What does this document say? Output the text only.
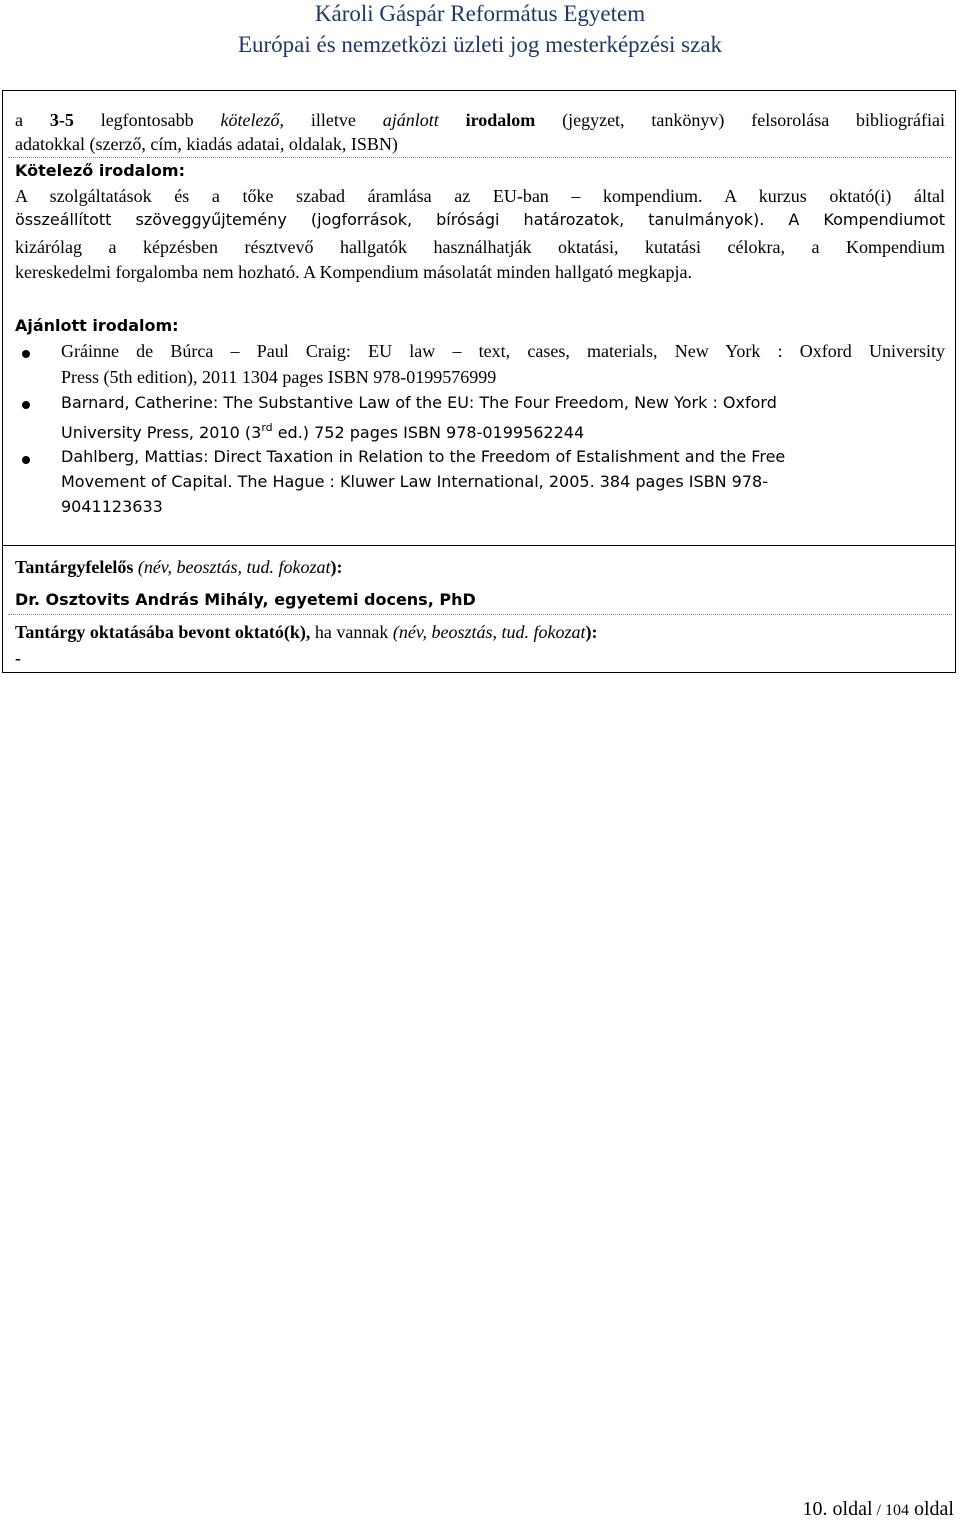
Károli Gáspár Református Egyetem
Európai és nemzetközi üzleti jog mesterképzési szak
a 3-5 legfontosabb kötelező, illetve ajánlott irodalom (jegyzet, tankönyv) felsorolása bibliográfiai
adatokkal (szerző, cím, kiadás adatai, oldalak, ISBN)
Kötelező irodalom:
A szolgáltatások és a tőke szabad áramlása az EU-ban – kompendium. A kurzus oktató(i) által
összeállított szöveggyűjtemény (jogforrások, bírósági határozatok, tanulmányok). A Kompendiumot
kizárólag a képzésben résztvevő hallgatók használhatják oktatási, kutatási célokra, a Kompendium
kereskedelmi forgalomba nem hozható. A Kompendium másolatát minden hallgató megkapja.
Ajánlott irodalom:
Gráinne de Búrca – Paul Craig: EU law – text, cases, materials, New York : Oxford University
Press (5th edition), 2011 1304 pages ISBN 978-0199576999
Barnard, Catherine: The Substantive Law of the EU: The Four Freedom, New York : Oxford
University Press, 2010 (3rd ed.) 752 pages ISBN 978-0199562244
Dahlberg, Mattias: Direct Taxation in Relation to the Freedom of Estalishment and the Free
Movement of Capital. The Hague : Kluwer Law International, 2005. 384 pages ISBN 978-
9041123633
Tantárgyfelelős (név, beosztás, tud. fokozat):
Dr. Osztovits András Mihály, egyetemi docens, PhD
Tantárgy oktatásába bevont oktató(k), ha vannak (név, beosztás, tud. fokozat):
-
10. oldal / 104 oldal
